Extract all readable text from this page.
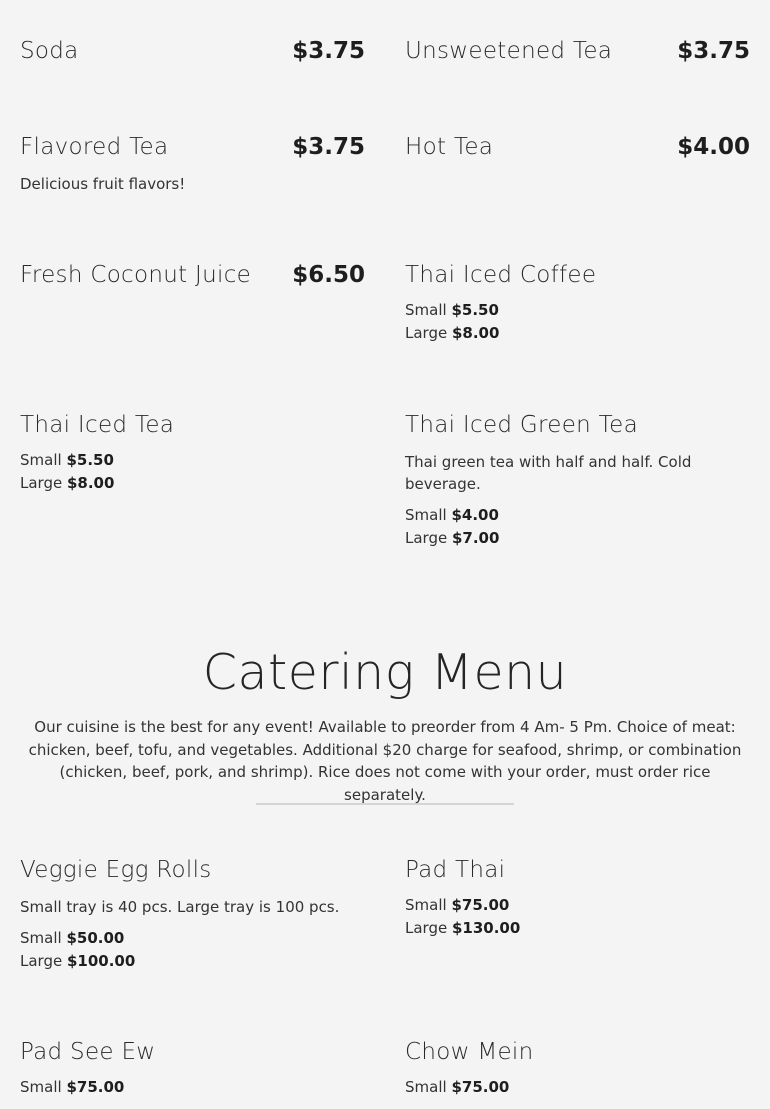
Soda	$3.75 Unsweetened Tea	$3.75
Flavored Tea	$3.75
Delicious fruit flavors!
Hot Tea	$4.00
Fresh Coconut Juice $6.50 Thai Iced Coffee
Small $5.50
Large $8.00
Thai Iced Tea
Small $5.50
Large $8.00
Thai Iced Green Tea
Thai green tea with half and half. Cold beverage.
Small $4.00
Large $7.00
Catering Menu
Our cuisine is the best for any event! Available to preorder from 4 Am- 5 Pm. Choice of meat: chicken, beef, tofu, and vegetables. Additional $20 charge for seafood, shrimp, or combination (chicken, beef, pork, and shrimp). Rice does not come with your order, must order rice separately.
Veggie Egg Rolls
Small tray is 40 pcs. Large tray is 100 pcs.
Small $50.00
Large $100.00
Pad Thai
Small $75.00
Large $130.00
Pad See Ew
Small $75.00
Chow Mein
Small $75.00
